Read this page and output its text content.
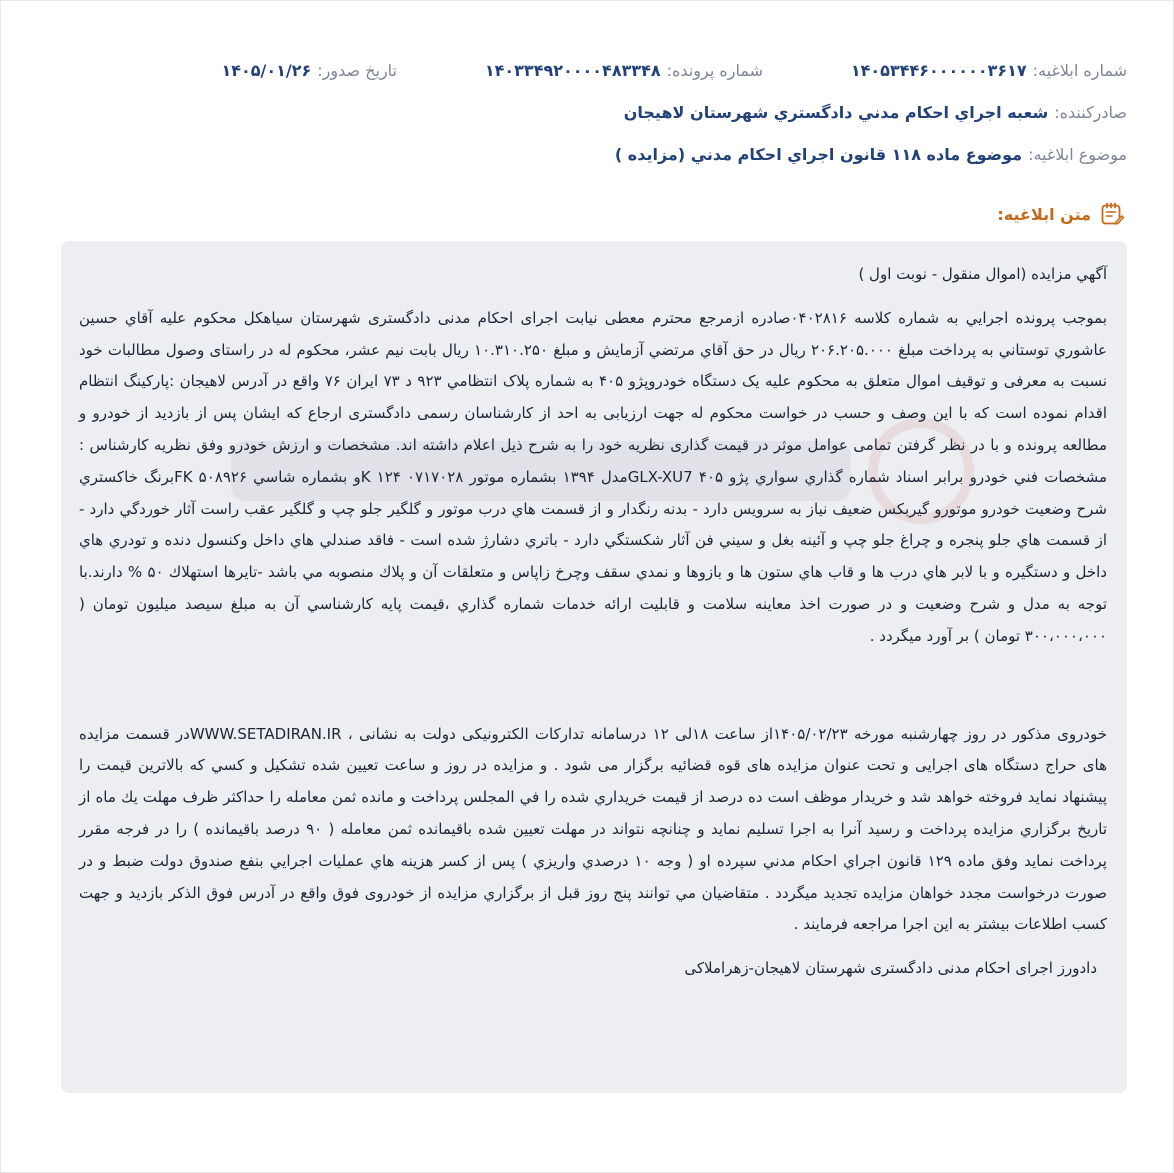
شماره ابلاغيه:
۱۴۰۵۳۴۴۶۰۰۰۰۰۰۳۶۱۷
شماره پرونده:
۱۴۰۳۳۴۹۲۰۰۰۰۴۸۳۳۴۸
تاريخ صدور:
۱۴۰۵/۰۱/۲۶
صادرکننده:
شعبه اجراي احکام مدني دادگستري شهرستان لاهيجان
موضوع ابلاغيه:
موضوع ماده ۱۱۸ قانون اجراي احکام مدني (مزايده )
متن ابلاغيه:

آگهي مزايده (اموال منقول - نوبت اول )

بموجب پرونده اجرايي به شماره کلاسه ۰۴۰۲۸۱۶صادره ازمرجع محترم معطی نیابت اجرای احکام مدنی دادگستری شهرستان سیاهکل محکوم علیه آقاي حسين عاشوري توستاني به پرداخت مبلغ ۲۰۶.۲۰۵.۰۰۰ ريال در حق آقاي مرتضي آزمايش و مبلغ ۱۰.۳۱۰.۲۵۰ ريال بابت نيم عشر، محکوم له در راستای وصول مطالبات خود نسبت به معرفی و توقیف اموال متعلق به محکوم علیه یک دستگاه خودروپژو ۴۰۵ به شماره پلاک انتظامي ۹۲۳ د ۷۳ ایران ۷۶ واقع در آدرس لاهیجان :پارکینگ انتظام اقدام نموده است که با این وصف و حسب در خواست محکوم له جهت ارزیابی به احد از کارشناسان رسمی دادگستری ارجاع که ایشان پس از بازدید از خودرو و مطالعه پرونده و با در نظر گرفتن تمامی عوامل موثر در قیمت گذاری نظریه خود را به شرح ذیل اعلام داشته اند. مشخصات و ارزش خودرو وفق نظريه کارشناس : مشخصات فني خودرو برابر اسناد شماره گذاري سواري پژو ۴۰۵ GLX-XU7مدل ۱۳۹۴ بشماره موتور ۰۷۱۷۰۲۸ ۱۲۴ Kو بشماره شاسي ۵۰۸۹۲۶ FKبرنگ خاکستري شرح وضعيت خودرو موتورو گيربکس ضعيف نياز به سرويس دارد - بدنه رنگدار و از قسمت هاي درب موتور و گلگير جلو چپ و گلگير عقب راست آثار خوردگي دارد - از قسمت هاي جلو پنجره و چراغ جلو چپ و آئينه بغل و سيني فن آثار شکستگي دارد - باتري دشارژ شده است - فاقد صندلي هاي داخل وکنسول دنده و تودري هاي داخل و دستگيره و با لابر هاي درب ها و قاب هاي ستون ها و بازوها و نمدي سقف وچرخ زاپاس و متعلقات آن و پلاك منصوبه مي باشد -تايرها استهلاك ۵۰ % دارند.با توجه به مدل و شرح وضعيت و در صورت اخذ معاينه سلامت و قابليت ارائه خدمات شماره گذاري ،قيمت پايه كارشناسي آن به مبلغ سيصد ميليون تومان ( ۳۰۰،۰۰۰،۰۰۰ تومان ) بر آورد ميگردد .

خودروی مذکور در روز چهارشنبه مورخه ۱۴۰۵/۰۲/۲۳از ساعت ۱۸لی ۱۲ درسامانه تدارکات الکترونیکی دولت به نشانی ، WWW.SETADIRAN.IRدر قسمت مزایده های حراج دستگاه های اجرایی و تحت عنوان مزایده های قوه قضائیه برگزار می شود . و مزايده در روز و ساعت تعيين شده تشكيل و كسي كه بالاترين قيمت را پيشنهاد نمايد فروخته خواهد شد و خريدار موظف است ده درصد از قيمت خريداري شده را في المجلس پرداخت و مانده ثمن معامله را حداكثر ظرف مهلت يك ماه از تاريخ برگزاري مزايده پرداخت و رسيد آنرا به اجرا تسليم نمايد و چنانچه نتواند در مهلت تعيين شده باقيمانده ثمن معامله ( ۹۰ درصد باقيمانده ) را در فرجه مقرر پرداخت نمايد وفق ماده ۱۲۹ قانون اجراي احکام مدني سپرده او ( وجه ۱۰ درصدي واريزي ) پس از کسر هزينه هاي عمليات اجرايي بنفع صندوق دولت ضبط و در صورت درخواست مجدد خواهان مزايده تجديد ميگردد . متقاضيان مي توانند پنج روز قبل از برگزاري مزايده از خودروی فوق واقع در آدرس فوق الذکر بازدید و جهت کسب اطلاعات بیشتر به این اجرا مراجعه فرمایند .

دادورز اجرای احکام مدنی دادگستری شهرستان لاهیجان-زهراملاکی
